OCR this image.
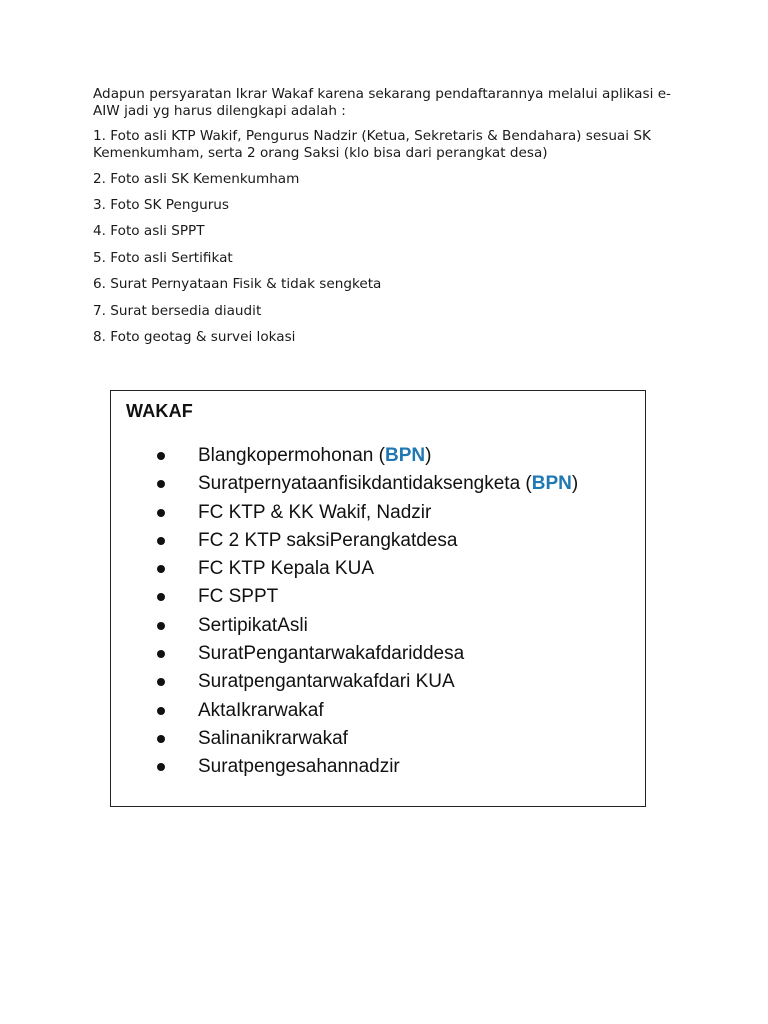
Adapun persyaratan Ikrar Wakaf karena sekarang pendaftarannya melalui aplikasi e-AIW jadi yg harus dilengkapi adalah :

1. Foto asli KTP Wakif, Pengurus Nadzir (Ketua, Sekretaris & Bendahara) sesuai SK Kemenkumham, serta 2 orang Saksi (klo bisa dari perangkat desa)
2. Foto asli SK Kemenkumham
3. Foto SK Pengurus
4. Foto asli SPPT
5. Foto asli Sertifikat
6. Surat Pernyataan Fisik & tidak sengketa
7. Surat bersedia diaudit
8. Foto geotag & survei lokasi
WAKAF
Blangkopermohonan (BPN)
Suratpernyataanfisikdantidaksengketa (BPN)
FC KTP & KK Wakif, Nadzir
FC 2 KTP saksiPerangkatdesa
FC KTP Kepala KUA
FC SPPT
SertipikatAsli
SuratPengantarwakafdariddesa
Suratpengantarwakafdari KUA
AktaIkrarwakaf
Salinanikrarwakaf
Suratpengesahannadzir
